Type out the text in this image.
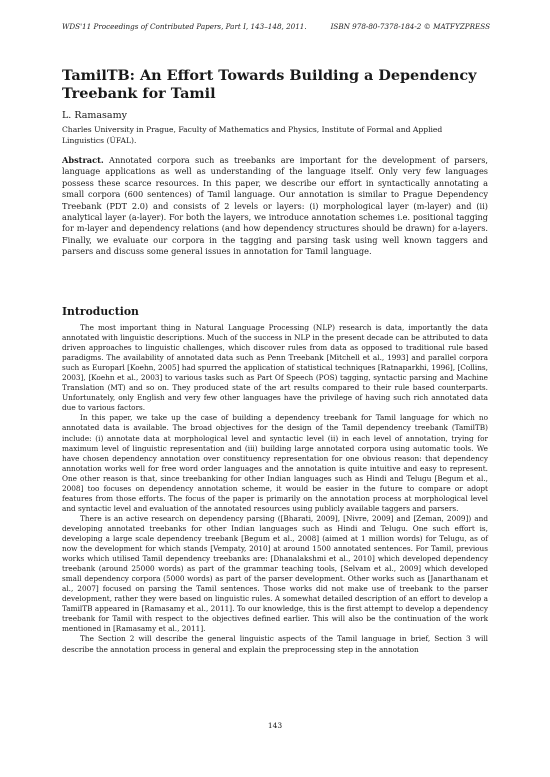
WDS'11 Proceedings of Contributed Papers, Part I, 143–148, 2011.	ISBN 978-80-7378-184-2 © MATFYZPRESS
TamilTB: An Effort Towards Building a Dependency Treebank for Tamil
L. Ramasamy
Charles University in Prague, Faculty of Mathematics and Physics, Institute of Formal and Applied Linguistics (ÚFAL).

Abstract. Annotated corpora such as treebanks are important for the development of parsers, language applications as well as understanding of the language itself. Only very few languages possess these scarce resources. In this paper, we describe our effort in syntactically annotating a small corpora (600 sentences) of Tamil language. Our annotation is similar to Prague Dependency Treebank (PDT 2.0) and consists of 2 levels or layers: (i) morphological layer (m-layer) and (ii) analytical layer (a-layer). For both the layers, we introduce annotation schemes i.e. positional tagging for m-layer and dependency relations (and how dependency structures should be drawn) for a-layers. Finally, we evaluate our corpora in the tagging and parsing task using well known taggers and parsers and discuss some general issues in annotation for Tamil language.

Introduction

The most important thing in Natural Language Processing (NLP) research is data, importantly the data annotated with linguistic descriptions. Much of the success in NLP in the present decade can be attributed to data driven approaches to linguistic challenges, which discover rules from data as opposed to traditional rule based paradigms. The availability of annotated data such as Penn Treebank [Mitchell et al., 1993] and parallel corpora such as Europarl [Koehn, 2005] had spurred the application of statistical techniques [Ratnaparkhi, 1996], [Collins, 2003], [Koehn et al., 2003] to various tasks such as Part Of Speech (POS) tagging, syntactic parsing and Machine Translation (MT) and so on. They produced state of the art results compared to their rule based counterparts. Unfortunately, only English and very few other languages have the privilege of having such rich annotated data due to various factors.

In this paper, we take up the case of building a dependency treebank for Tamil language for which no annotated data is available. The broad objectives for the design of the Tamil dependency treebank (TamilTB) include: (i) annotate data at morphological level and syntactic level (ii) in each level of annotation, trying for maximum level of linguistic representation and (iii) building large annotated corpora using automatic tools. We have chosen dependency annotation over constituency representation for one obvious reason: that dependency annotation works well for free word order languages and the annotation is quite intuitive and easy to represent. One other reason is that, since treebanking for other Indian languages such as Hindi and Telugu [Begum et al., 2008] too focuses on dependency annotation scheme, it would be easier in the future to compare or adopt features from those efforts. The focus of the paper is primarily on the annotation process at morphological level and syntactic level and evaluation of the annotated resources using publicly available taggers and parsers.

There is an active research on dependency parsing ([Bharati, 2009], [Nivre, 2009] and [Zeman, 2009]) and developing annotated treebanks for other Indian languages such as Hindi and Telugu. One such effort is, developing a large scale dependency treebank [Begum et al., 2008] (aimed at 1 million words) for Telugu, as of now the development for which stands [Vempaty, 2010] at around 1500 annotated sentences. For Tamil, previous works which utilised Tamil dependency treebanks are: [Dhanalakshmi et al., 2010] which developed dependency treebank (around 25000 words) as part of the grammar teaching tools, [Selvam et al., 2009] which developed small dependency corpora (5000 words) as part of the parser development. Other works such as [Janarthanam et al., 2007] focused on parsing the Tamil sentences. Those works did not make use of treebank to the parser development, rather they were based on linguistic rules. A somewhat detailed description of an effort to develop a TamilTB appeared in [Ramasamy et al., 2011]. To our knowledge, this is the first attempt to develop a dependency treebank for Tamil with respect to the objectives defined earlier. This will also be the continuation of the work mentioned in [Ramasamy et al., 2011].

The Section 2 will describe the general linguistic aspects of the Tamil language in brief, Section 3 will describe the annotation process in general and explain the preprocessing step in the annotation

143
